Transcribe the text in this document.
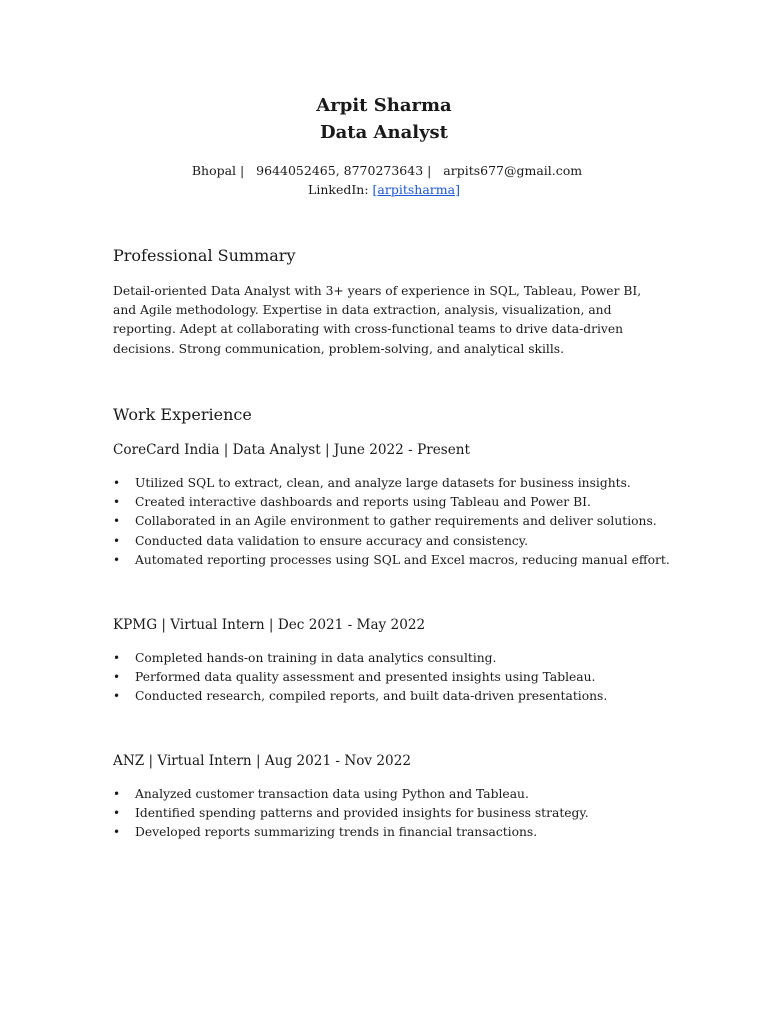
Arpit Sharma
Data Analyst
Bhopal |   9644052465, 8770273643 |   arpits677@gmail.com
LinkedIn: [arpitsharma]
Professional Summary

Detail-oriented Data Analyst with 3+ years of experience in SQL, Tableau, Power BI, and Agile methodology. Expertise in data extraction, analysis, visualization, and reporting. Adept at collaborating with cross-functional teams to drive data-driven decisions. Strong communication, problem-solving, and analytical skills.

Work Experience
CoreCard India | Data Analyst | June 2022 - Present
• Utilized SQL to extract, clean, and analyze large datasets for business insights.
• Created interactive dashboards and reports using Tableau and Power BI.
• Collaborated in an Agile environment to gather requirements and deliver solutions.
• Conducted data validation to ensure accuracy and consistency.
• Automated reporting processes using SQL and Excel macros, reducing manual effort.
KPMG | Virtual Intern | Dec 2021 - May 2022
• Completed hands-on training in data analytics consulting.
• Performed data quality assessment and presented insights using Tableau.
• Conducted research, compiled reports, and built data-driven presentations.
ANZ | Virtual Intern | Aug 2021 - Nov 2022
• Analyzed customer transaction data using Python and Tableau.
• Identified spending patterns and provided insights for business strategy.
• Developed reports summarizing trends in financial transactions.
